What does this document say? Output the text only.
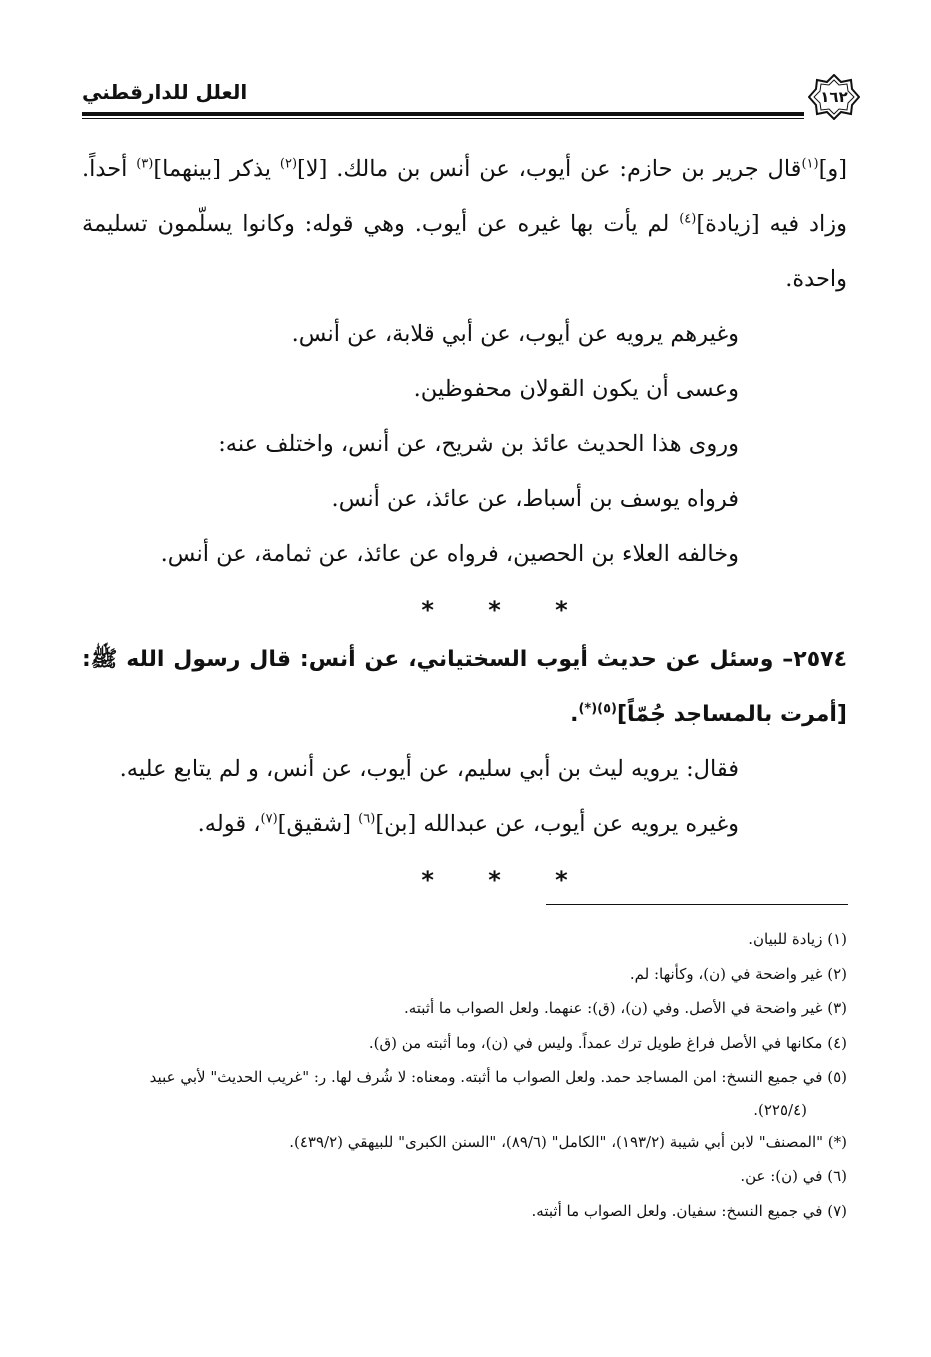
١٦٢
العلل للدارقطني

[و]$^{(١)}$قال جرير بن حازم: عن أيوب، عن أنس بن مالك. [لا]$^{(٢)}$ يذكر [بينهما]$^{(٣)}$ أحداً. وزاد فيه [زيادة]$^{(٤)}$ لم يأت بها غيره عن أيوب. وهي قوله: وكانوا يسلّمون تسليمة واحدة.

وغيرهم يرويه عن أيوب، عن أبي قلابة، عن أنس.

وعسى أن يكون القولان محفوظين.

وروى هذا الحديث عائذ بن شريح، عن أنس، واختلف عنه:

فرواه يوسف بن أسباط، عن عائذ، عن أنس.

وخالفه العلاء بن الحصين، فرواه عن عائذ، عن ثمامة، عن أنس.

* * *

٢٥٧٤– وسئل عن حديث أيوب السختياني، عن أنس: قال رسول الله ﷺ: [أمرت بالمساجد جُمّاً]$^{(٥)(*)}$.

فقال: يرويه ليث بن أبي سليم، عن أيوب، عن أنس، و لم يتابع عليه.

وغيره يرويه عن أيوب، عن عبدالله [بن]$^{(٦)}$ [شقيق]$^{(٧)}$، قوله.

* * *

(١) زيادة للبيان.

(٢) غير واضحة في (ن)، وكأنها: لم.

(٣) غير واضحة في الأصل. وفي (ن)، (ق): عنهما. ولعل الصواب ما أثبته.

(٤) مكانها في الأصل فراغ طويل ترك عمداً. وليس في (ن)، وما أثبته من (ق).

(٥) في جميع النسخ: امن المساجد حمد. ولعل الصواب ما أثبته. ومعناه: لا شُرف لها. ر: "غريب الحديث" لأبي عبيد

(٢٢٥/٤).

(*) "المصنف" لابن أبي شيبة (١٩٣/٢)، "الكامل" (٨٩/٦)، "السنن الكبرى" للبيهقي (٤٣٩/٢).

(٦) في (ن): عن.

(٧) في جميع النسخ: سفيان. ولعل الصواب ما أثبته.
